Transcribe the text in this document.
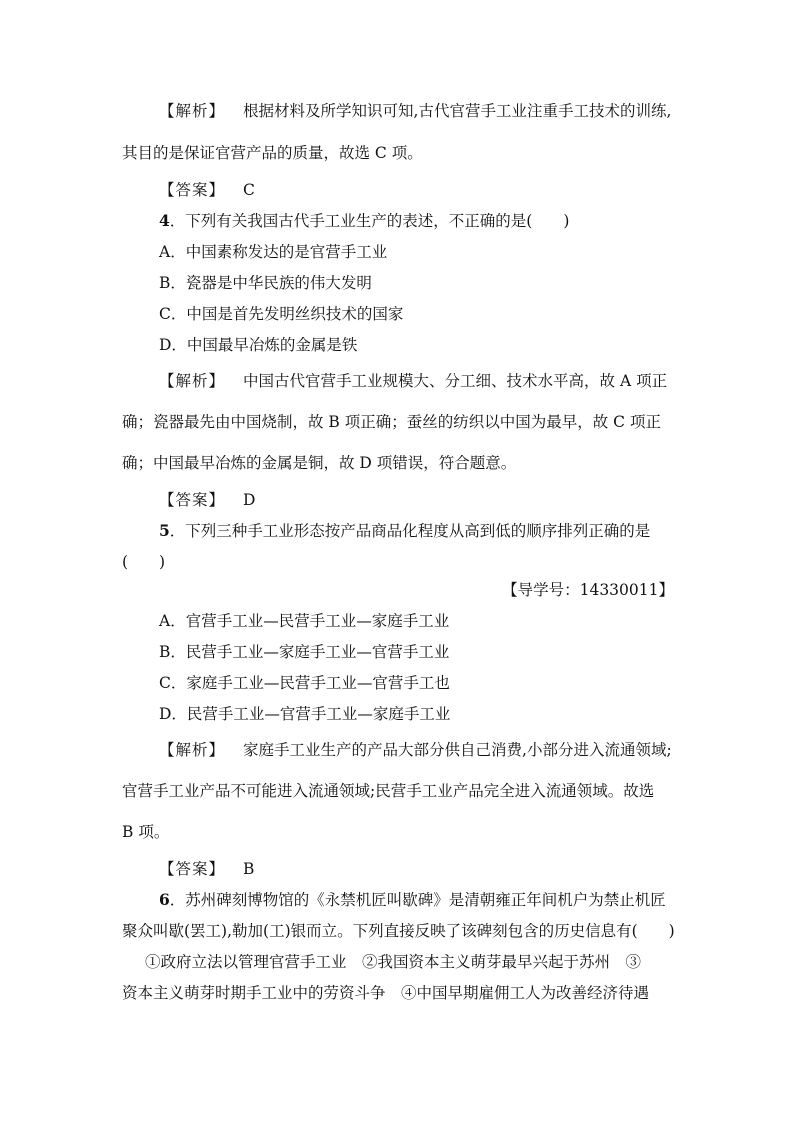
【解析】 根据材料及所学知识可知,古代官营手工业注重手工技术的训练,
其目的是保证官营产品的质量，故选 C 项。
【答案】 C
4．下列有关我国古代手工业生产的表述，不正确的是(　　)
A．中国素称发达的是官营手工业
B．瓷器是中华民族的伟大发明
C．中国是首先发明丝织技术的国家
D．中国最早冶炼的金属是铁
【解析】 中国古代官营手工业规模大、分工细、技术水平高，故 A 项正
确；瓷器最先由中国烧制，故 B 项正确；蚕丝的纺织以中国为最早，故 C 项正
确；中国最早冶炼的金属是铜，故 D 项错误，符合题意。
【答案】 D
5．下列三种手工业形态按产品商品化程度从高到低的顺序排列正确的是
(　　)
【导学号：14330011】
A．官营手工业—民营手工业—家庭手工业
B．民营手工业—家庭手工业—官营手工业
C．家庭手工业—民营手工业—官营手工也
D．民营手工业—官营手工业—家庭手工业
【解析】 家庭手工业生产的产品大部分供自己消费,小部分进入流通领域;
官营手工业产品不可能进入流通领域;民营手工业产品完全进入流通领域。故选
B 项。
【答案】 B
6．苏州碑刻博物馆的《永禁机匠叫歇碑》是清朝雍正年间机户为禁止机匠
聚众叫歇(罢工),勒加(工)银而立。下列直接反映了该碑刻包含的历史信息有(　　)
①政府立法以管理官营手工业　②我国资本主义萌芽最早兴起于苏州　③
资本主义萌芽时期手工业中的劳资斗争　④中国早期雇佣工人为改善经济待遇
